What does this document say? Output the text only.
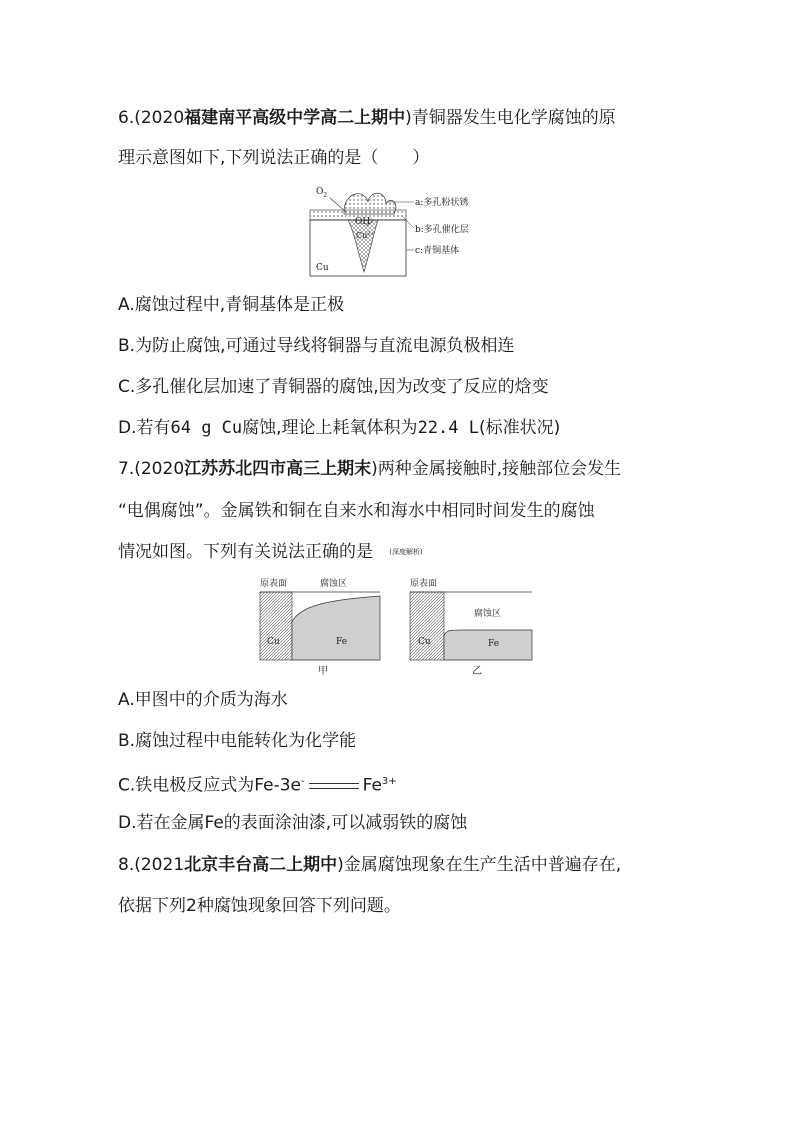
6.(2020福建南平高级中学高二上期中)青铜器发生电化学腐蚀的原
理示意图如下,下列说法正确的是（　　）
$O_2$
OH-
$Cu^{2+}$
Cu
a:多孔粉状锈
b:多孔催化层
c:青铜基体
A.腐蚀过程中,青铜基体是正极
B.为防止腐蚀,可通过导线将铜器与直流电源负极相连
C.多孔催化层加速了青铜器的腐蚀,因为改变了反应的焓变
D.若有64 g Cu腐蚀,理论上耗氧体积为22.4 L(标准状况)
7.(2020江苏苏北四市高三上期末)两种金属接触时,接触部位会发生
“电偶腐蚀”。金属铁和铜在自来水和海水中相同时间发生的腐蚀
情况如图。下列有关说法正确的是 (深度解析)
原表面	腐蚀区
Cu	Fe
甲
原表面
腐蚀区
Cu	Fe
乙
A.甲图中的介质为海水
B.腐蚀过程中电能转化为化学能
C.铁电极反应式为Fe-3e-	$Fe^{3+}$
D.若在金属Fe的表面涂油漆,可以减弱铁的腐蚀
8.(2021北京丰台高二上期中)金属腐蚀现象在生产生活中普遍存在,
依据下列2种腐蚀现象回答下列问题。
